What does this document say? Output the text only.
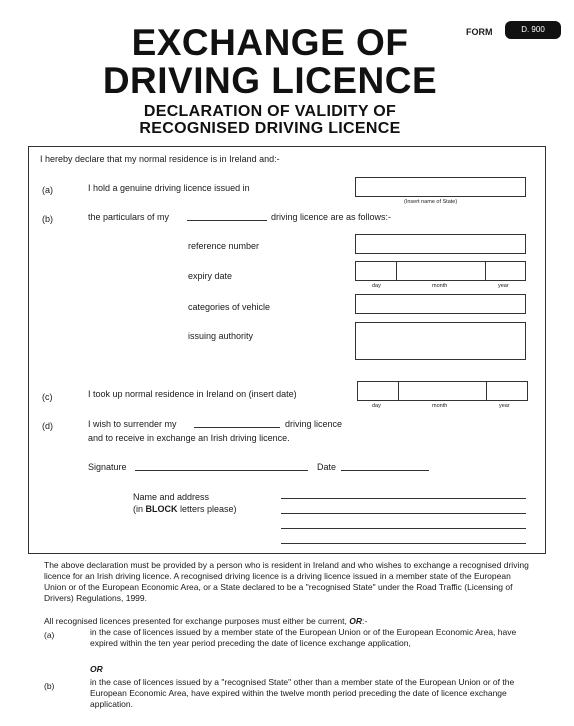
FORM	D. 900
EXCHANGE OF
DRIVING LICENCE
DECLARATION OF VALIDITY OF
RECOGNISED DRIVING LICENCE
I hereby declare that my normal residence is in Ireland and:-
(a)	I hold a genuine driving licence issued in
(Insert name of State)
(b)	the particulars of my	driving licence are as follows:-
reference number
expiry date
day	month	year
categories of vehicle
issuing authority
(c)	I took up normal residence in Ireland on (insert date)
day	month	year
(d)	I wish to surrender my	driving licence
and to receive in exchange an Irish driving licence.
Signature	Date
Name and address
(in BLOCK letters please)
The above declaration must be provided by a person who is resident in Ireland and who wishes to exchange a recognised driving licence for an Irish driving licence. A recognised driving licence is a driving licence issued in a member state of the European Union or of the European Economic Area, or a State declared to be a "recognised State" under the Road Traffic (Licensing of Drivers) Regulations, 1999.
All recognised licences presented for exchange purposes must either be current, OR:-
(a)	in the case of licences issued by a member state of the European Union or of the European Economic Area, have expired within the ten year period preceding the date of licence exchange application,
OR
(b)	in the case of licences issued by a "recognised State" other than a member state of the European Union or of the European Economic Area, have expired within the twelve month period preceding the date of licence exchange application.
